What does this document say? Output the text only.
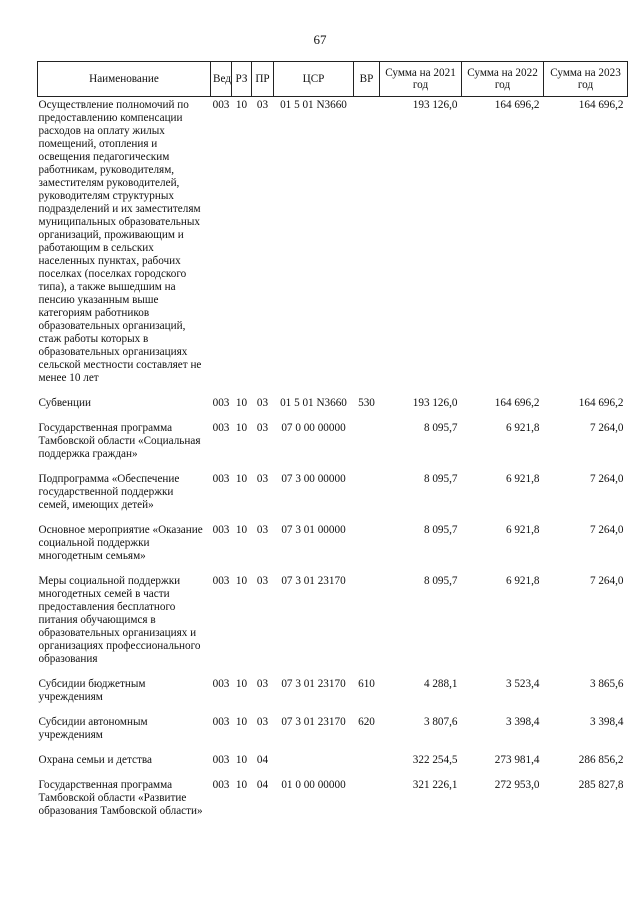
67
Наименование	Вед	РЗ	ПР	ЦСР	ВР	Сумма на 2021 год	Сумма на 2022 год	Сумма на 2023 год
Осуществление полномочий по предоставлению компенсации расходов на оплату жилых помещений, отопления и освещения педагогическим работникам, руководителям, заместителям руководителей, руководителям структурных подразделений и их заместителям муниципальных образовательных организаций, проживающим и работающим в сельских населенных пунктах, рабочих поселках (поселках городского типа), а также вышедшим на пенсию указанным выше категориям работников образовательных организаций, стаж работы которых в образовательных организациях сельской местности составляет не менее 10 лет	003	10	03	01 5 01 N3660		193 126,0	164 696,2	164 696,2
Субвенции	003	10	03	01 5 01 N3660	530	193 126,0	164 696,2	164 696,2
Государственная программа Тамбовской области «Социальная поддержка граждан»	003	10	03	07 0 00 00000		8 095,7	6 921,8	7 264,0
Подпрограмма «Обеспечение государственной поддержки семей, имеющих детей»	003	10	03	07 3 00 00000		8 095,7	6 921,8	7 264,0
Основное мероприятие «Оказание социальной поддержки многодетным семьям»	003	10	03	07 3 01 00000		8 095,7	6 921,8	7 264,0
Меры социальной поддержки многодетных семей в части предоставления бесплатного питания обучающимся в образовательных организациях и организациях профессионального образования	003	10	03	07 3 01 23170		8 095,7	6 921,8	7 264,0
Субсидии бюджетным учреждениям	003	10	03	07 3 01 23170	610	4 288,1	3 523,4	3 865,6
Субсидии автономным учреждениям	003	10	03	07 3 01 23170	620	3 807,6	3 398,4	3 398,4
Охрана семьи и детства	003	10	04			322 254,5	273 981,4	286 856,2
Государственная программа Тамбовской области «Развитие образования Тамбовской области»	003	10	04	01 0 00 00000		321 226,1	272 953,0	285 827,8
